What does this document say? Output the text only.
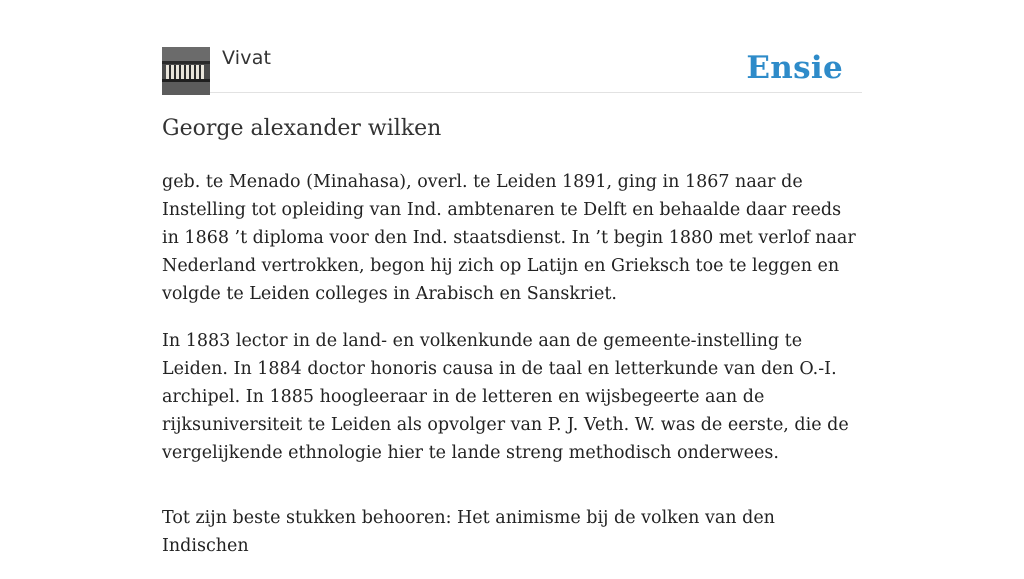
Vivat	Ensie
George alexander wilken

geb. te Menado (Minahasa), overl. te Leiden 1891, ging in 1867 naar de Instelling tot opleiding van Ind. ambtenaren te Delft en behaalde daar reeds in 1868 ’t diploma voor den Ind. staatsdienst. In ’t begin 1880 met verlof naar Nederland vertrokken, begon hij zich op Latijn en Grieksch toe te leggen en volgde te Leiden colleges in Arabisch en Sanskriet.

In 1883 lector in de land- en volkenkunde aan de gemeente-instelling te Leiden. In 1884 doctor honoris causa in de taal en letterkunde van den O.-I. archipel. In 1885 hoogleeraar in de letteren en wijsbegeerte aan de rijksuniversiteit te Leiden als opvolger van P. J. Veth. W. was de eerste, die de vergelijkende ethnologie hier te lande streng methodisch onderwees.

Tot zijn beste stukken behooren: Het animisme bij de volken van den Indischen
